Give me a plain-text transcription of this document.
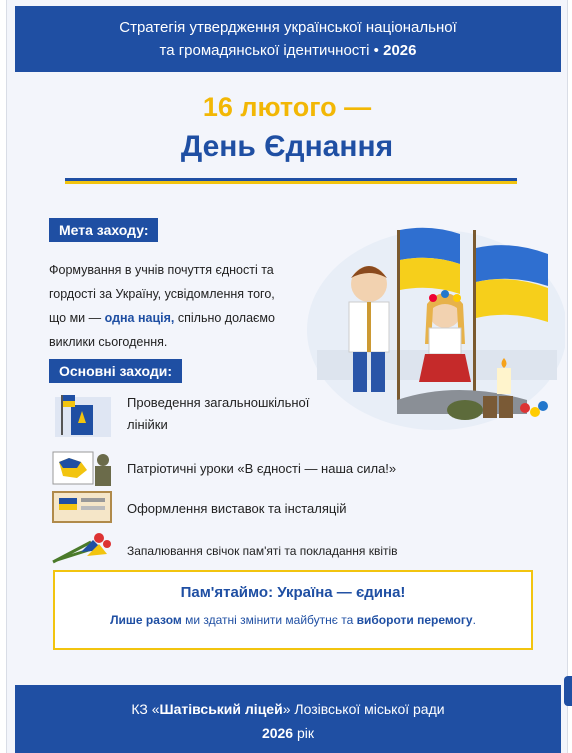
Стратегія утвердження української національної
та громадянської ідентичності • 2026
16 лютого —
День Єднання
Мета заходу:
Формування в учнів почуття єдності та гордості за Україну, усвідомлення того, що ми — одна нація, спільно долаємо виклики сьогодення.
Основні заходи:
Проведення загальношкільної лінійки
Патріотичні уроки «В єдності — наша сила!»
Оформлення виставок та інсталяцій
Запалювання свічок пам'яті та покладання квітів
Пам'ятаймо: Україна — єдина!
Лише разом ми здатні змінити майбутнє та вибороти перемогу.
КЗ «Шатівський ліцей» Лозівської міської ради
2026 рік
